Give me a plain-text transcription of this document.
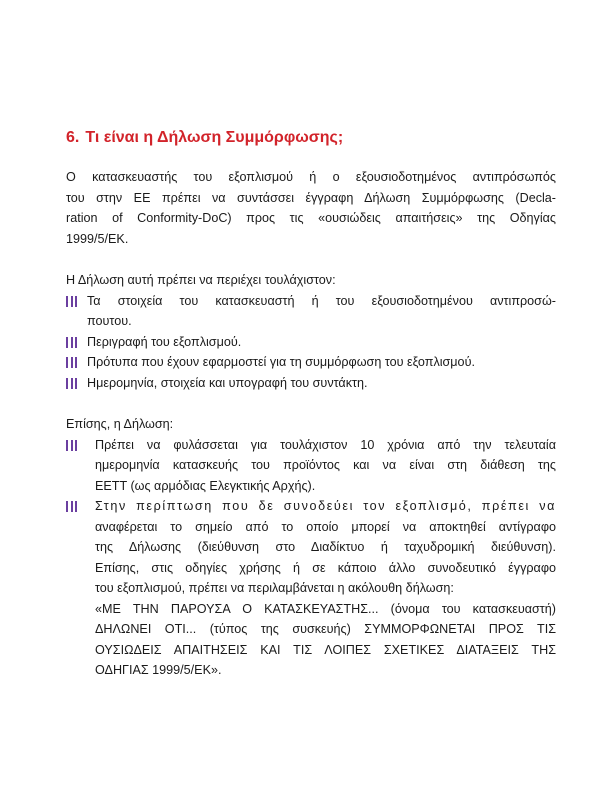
6. Τι είναι η Δήλωση Συμμόρφωσης;

Ο κατασκευαστής του εξοπλισμού ή ο εξουσιοδοτημένος αντιπρόσωπός
του στην ΕΕ πρέπει να συντάσσει έγγραφη Δήλωση Συμμόρφωσης (Decla-
ration of Conformity-DoC) προς τις «ουσιώδεις απαιτήσεις» της Οδηγίας
1999/5/ΕΚ.

Η Δήλωση αυτή πρέπει να περιέχει τουλάχιστον:

Τα στοιχεία του κατασκευαστή ή του εξουσιοδοτημένου αντιπροσώ-
πουτου.
Περιγραφή του εξοπλισμού.
Πρότυπα που έχουν εφαρμοστεί για τη συμμόρφωση του εξοπλισμού.
Ημερομηνία, στοιχεία και υπογραφή του συντάκτη.

Επίσης, η Δήλωση:

Πρέπει να φυλάσσεται για τουλάχιστον 10 χρόνια από την τελευταία
ημερομηνία κατασκευής του προϊόντος και να είναι στη διάθεση της
ΕΕΤΤ (ως αρμόδιας Ελεγκτικής Αρχής).
Στην περίπτωση που δε συνοδεύει τον εξοπλισμό, πρέπει να
αναφέρεται το σημείο από το οποίο μπορεί να αποκτηθεί αντίγραφο
της Δήλωσης (διεύθυνση στο Διαδίκτυο ή ταχυδρομική διεύθυνση).
Επίσης, στις οδηγίες χρήσης ή σε κάποιο άλλο συνοδευτικό έγγραφο
του εξοπλισμού, πρέπει να περιλαμβάνεται η ακόλουθη δήλωση:
«ΜΕ ΤΗΝ ΠΑΡΟΥΣΑ Ο ΚΑΤΑΣΚΕΥΑΣΤΗΣ... (όνομα του κατασκευαστή)
ΔΗΛΩΝΕΙ ΟΤΙ... (τύπος της συσκευής) ΣΥΜΜΟΡΦΩΝΕΤΑΙ ΠΡΟΣ ΤΙΣ
ΟΥΣΙΩΔΕΙΣ ΑΠΑΙΤΗΣΕΙΣ ΚΑΙ ΤΙΣ ΛΟΙΠΕΣ ΣΧΕΤΙΚΕΣ ΔΙΑΤΑΞΕΙΣ ΤΗΣ
ΟΔΗΓΙΑΣ 1999/5/ΕΚ».
